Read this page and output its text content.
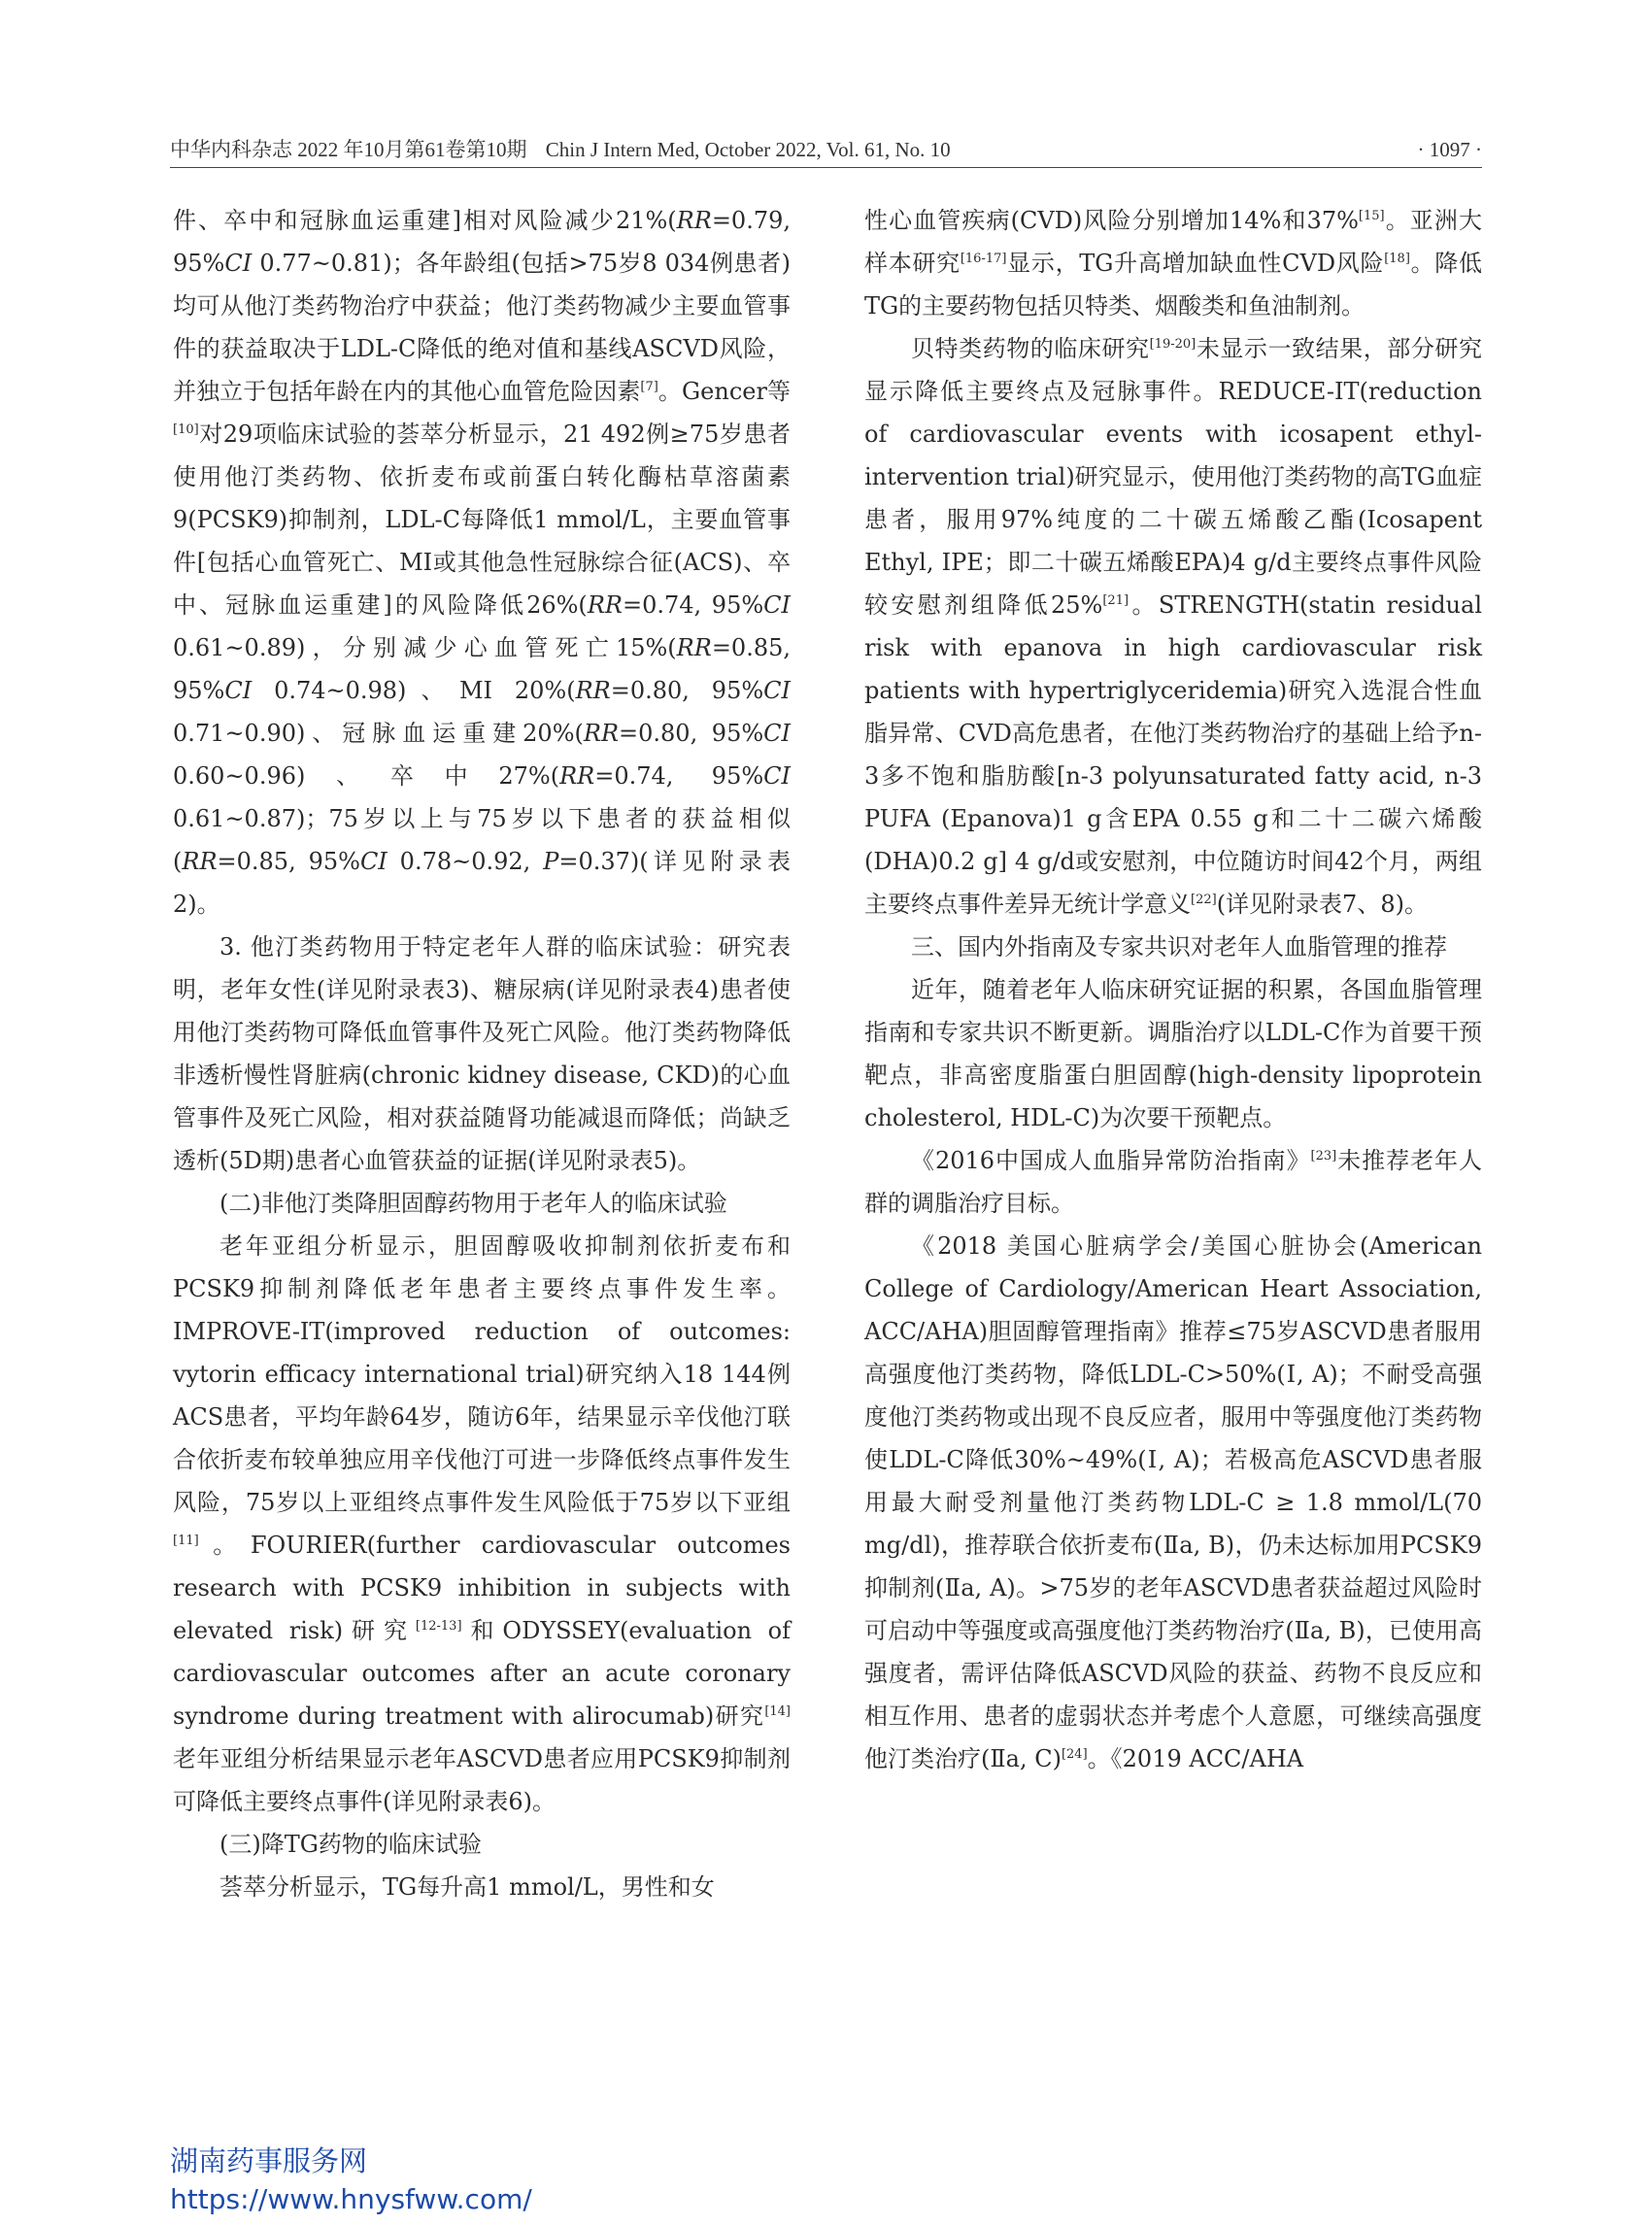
中华内科杂志 2022 年10月第61卷第10期 Chin J Intern Med, October 2022, Vol. 61, No. 10	· 1097 ·

件、卒中和冠脉血运重建]相对风险减少21%(RR=0.79, 95%CI 0.77~0.81)；各年龄组(包括>75岁8 034例患者)均可从他汀类药物治疗中获益；他汀类药物减少主要血管事件的获益取决于LDL-C降低的绝对值和基线ASCVD风险，并独立于包括年龄在内的其他心血管危险因素[7]。Gencer等[10]对29项临床试验的荟萃分析显示，21 492例≥75岁患者使用他汀类药物、依折麦布或前蛋白转化酶枯草溶菌素9(PCSK9)抑制剂，LDL-C每降低1 mmol/L，主要血管事件[包括心血管死亡、MI或其他急性冠脉综合征(ACS)、卒中、冠脉血运重建]的风险降低26%(RR=0.74, 95%CI 0.61~0.89)，分别减少心血管死亡15%(RR=0.85, 95%CI 0.74~0.98)、MI 20%(RR=0.80, 95%CI 0.71~0.90)、冠脉血运重建20%(RR=0.80, 95%CI 0.60~0.96)、卒中27%(RR=0.74, 95%CI 0.61~0.87)；75岁以上与75岁以下患者的获益相似(RR=0.85, 95%CI 0.78~0.92, P=0.37)(详见附录表2)。

3. 他汀类药物用于特定老年人群的临床试验：研究表明，老年女性(详见附录表3)、糖尿病(详见附录表4)患者使用他汀类药物可降低血管事件及死亡风险。他汀类药物降低非透析慢性肾脏病(chronic kidney disease, CKD)的心血管事件及死亡风险，相对获益随肾功能减退而降低；尚缺乏透析(5D期)患者心血管获益的证据(详见附录表5)。

(二)非他汀类降胆固醇药物用于老年人的临床试验

老年亚组分析显示，胆固醇吸收抑制剂依折麦布和PCSK9抑制剂降低老年患者主要终点事件发生率。IMPROVE-IT(improved reduction of outcomes: vytorin efficacy international trial)研究纳入18 144例ACS患者，平均年龄64岁，随访6年，结果显示辛伐他汀联合依折麦布较单独应用辛伐他汀可进一步降低终点事件发生风险，75岁以上亚组终点事件发生风险低于75岁以下亚组[11]。FOURIER(further cardiovascular outcomes research with PCSK9 inhibition in subjects with elevated risk)研究[12-13]和ODYSSEY(evaluation of cardiovascular outcomes after an acute coronary syndrome during treatment with alirocumab)研究[14]老年亚组分析结果显示老年ASCVD患者应用PCSK9抑制剂可降低主要终点事件(详见附录表6)。

(三)降TG药物的临床试验

荟萃分析显示，TG每升高1 mmol/L，男性和女

性心血管疾病(CVD)风险分别增加14%和37%[15]。亚洲大样本研究[16-17]显示，TG升高增加缺血性CVD风险[18]。降低TG的主要药物包括贝特类、烟酸类和鱼油制剂。

贝特类药物的临床研究[19-20]未显示一致结果，部分研究显示降低主要终点及冠脉事件。REDUCE-IT(reduction of cardiovascular events with icosapent ethyl-intervention trial)研究显示，使用他汀类药物的高TG血症患者，服用97%纯度的二十碳五烯酸乙酯(Icosapent Ethyl, IPE；即二十碳五烯酸EPA)4 g/d主要终点事件风险较安慰剂组降低25%[21]。STRENGTH(statin residual risk with epanova in high cardiovascular risk patients with hypertriglyceridemia)研究入选混合性血脂异常、CVD高危患者，在他汀类药物治疗的基础上给予n-3多不饱和脂肪酸[n-3 polyunsaturated fatty acid, n-3 PUFA (Epanova)1 g含EPA 0.55 g和二十二碳六烯酸(DHA)0.2 g] 4 g/d或安慰剂，中位随访时间42个月，两组主要终点事件差异无统计学意义[22](详见附录表7、8)。

三、国内外指南及专家共识对老年人血脂管理的推荐

近年，随着老年人临床研究证据的积累，各国血脂管理指南和专家共识不断更新。调脂治疗以LDL-C作为首要干预靶点，非高密度脂蛋白胆固醇(high-density lipoprotein cholesterol, HDL-C)为次要干预靶点。

《2016中国成人血脂异常防治指南》[23]未推荐老年人群的调脂治疗目标。

《2018 美国心脏病学会/美国心脏协会(American College of Cardiology/American Heart Association, ACC/AHA)胆固醇管理指南》推荐≤75岁ASCVD患者服用高强度他汀类药物，降低LDL-C>50%(Ⅰ, A)；不耐受高强度他汀类药物或出现不良反应者，服用中等强度他汀类药物使LDL-C降低30%~49%(Ⅰ, A)；若极高危ASCVD患者服用最大耐受剂量他汀类药物LDL-C ≥ 1.8 mmol/L(70 mg/dl)，推荐联合依折麦布(Ⅱa, B)，仍未达标加用PCSK9抑制剂(Ⅱa, A)。>75岁的老年ASCVD患者获益超过风险时可启动中等强度或高强度他汀类药物治疗(Ⅱa, B)，已使用高强度者，需评估降低ASCVD风险的获益、药物不良反应和相互作用、患者的虚弱状态并考虑个人意愿，可继续高强度他汀类治疗(Ⅱa, C)[24]。《2019 ACC/AHA

湖南药事服务网
https://www.hnysfww.com/
